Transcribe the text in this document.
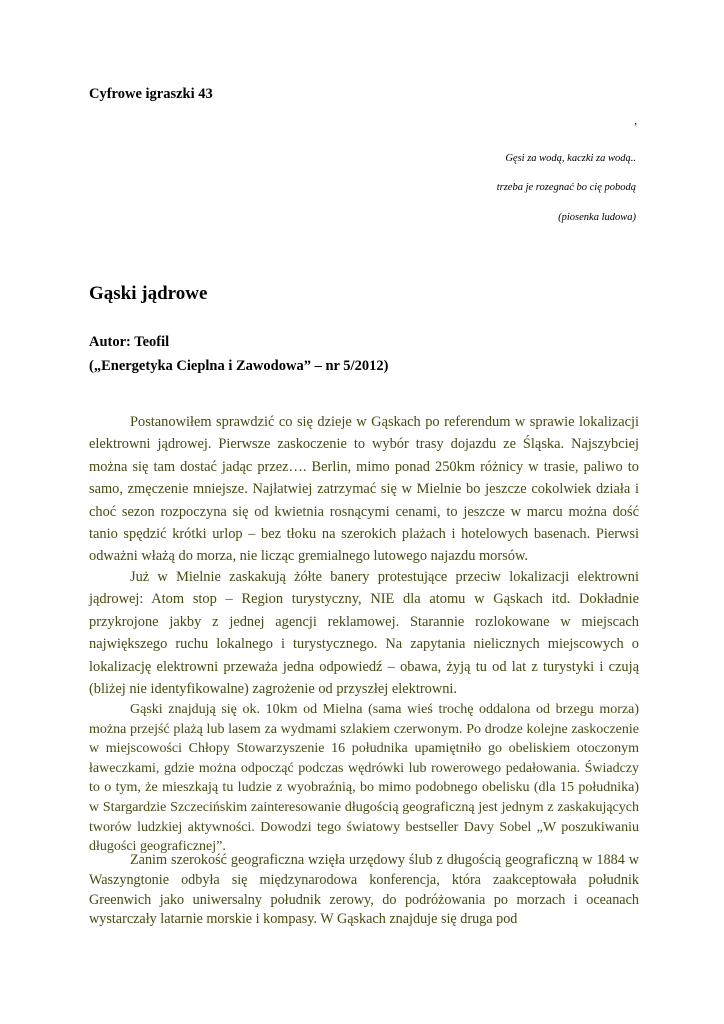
Cyfrowe igraszki 43
’
Gęsi za wodą, kaczki za wodą..
trzeba je rozegnać bo cię pobodą
(piosenka ludowa)
Gąski jądrowe
Autor: Teofil
(„Energetyka Cieplna i Zawodowa” – nr 5/2012)

Postanowiłem sprawdzić co się dzieje w Gąskach po referendum w sprawie lokalizacji elektrowni jądrowej. Pierwsze zaskoczenie to wybór trasy dojazdu ze Śląska. Najszybciej można się tam dostać jadąc przez…. Berlin, mimo ponad 250km różnicy w trasie, paliwo to samo, zmęczenie mniejsze. Najłatwiej zatrzymać się w Mielnie bo jeszcze cokolwiek działa i choć sezon rozpoczyna się od kwietnia rosnącymi cenami, to jeszcze w marcu można dość tanio spędzić krótki urlop – bez tłoku na szerokich plażach i hotelowych basenach. Pierwsi odważni włażą do morza, nie licząc gremialnego lutowego najazdu morsów.

Już w Mielnie zaskakują żółte banery protestujące przeciw lokalizacji elektrowni jądrowej: Atom stop – Region turystyczny, NIE dla atomu w Gąskach itd. Dokładnie przykrojone jakby z jednej agencji reklamowej. Starannie rozlokowane w miejscach największego ruchu lokalnego i turystycznego. Na zapytania nielicznych miejscowych o lokalizację elektrowni przeważa jedna odpowiedź – obawa, żyją tu od lat z turystyki i czują (bliżej nie identyfikowalne) zagrożenie od przyszłej elektrowni.

Gąski znajdują się ok. 10km od Mielna (sama wieś trochę oddalona od brzegu morza) można przejść plażą lub lasem za wydmami szlakiem czerwonym. Po drodze kolejne zaskoczenie w miejscowości Chłopy Stowarzyszenie 16 południka upamiętniło go obeliskiem otoczonym ławeczkami, gdzie można odpocząć podczas wędrówki lub rowerowego pedałowania. Świadczy to o tym, że mieszkają tu ludzie z wyobraźnią, bo mimo podobnego obelisku (dla 15 południka) w Stargardzie Szczecińskim zainteresowanie długością geograficzną jest jednym z zaskakujących tworów ludzkiej aktywności. Dowodzi tego światowy bestseller Davy Sobel „W poszukiwaniu długości geograficznej”.

Zanim szerokość geograficzna wzięła urzędowy ślub z długością geograficzną w 1884 w Waszyngtonie odbyła się międzynarodowa konferencja, która zaakceptowała południk Greenwich jako uniwersalny południk zerowy, do podróżowania po morzach i oceanach wystarczały latarnie morskie i kompasy. W Gąskach znajduje się druga pod
